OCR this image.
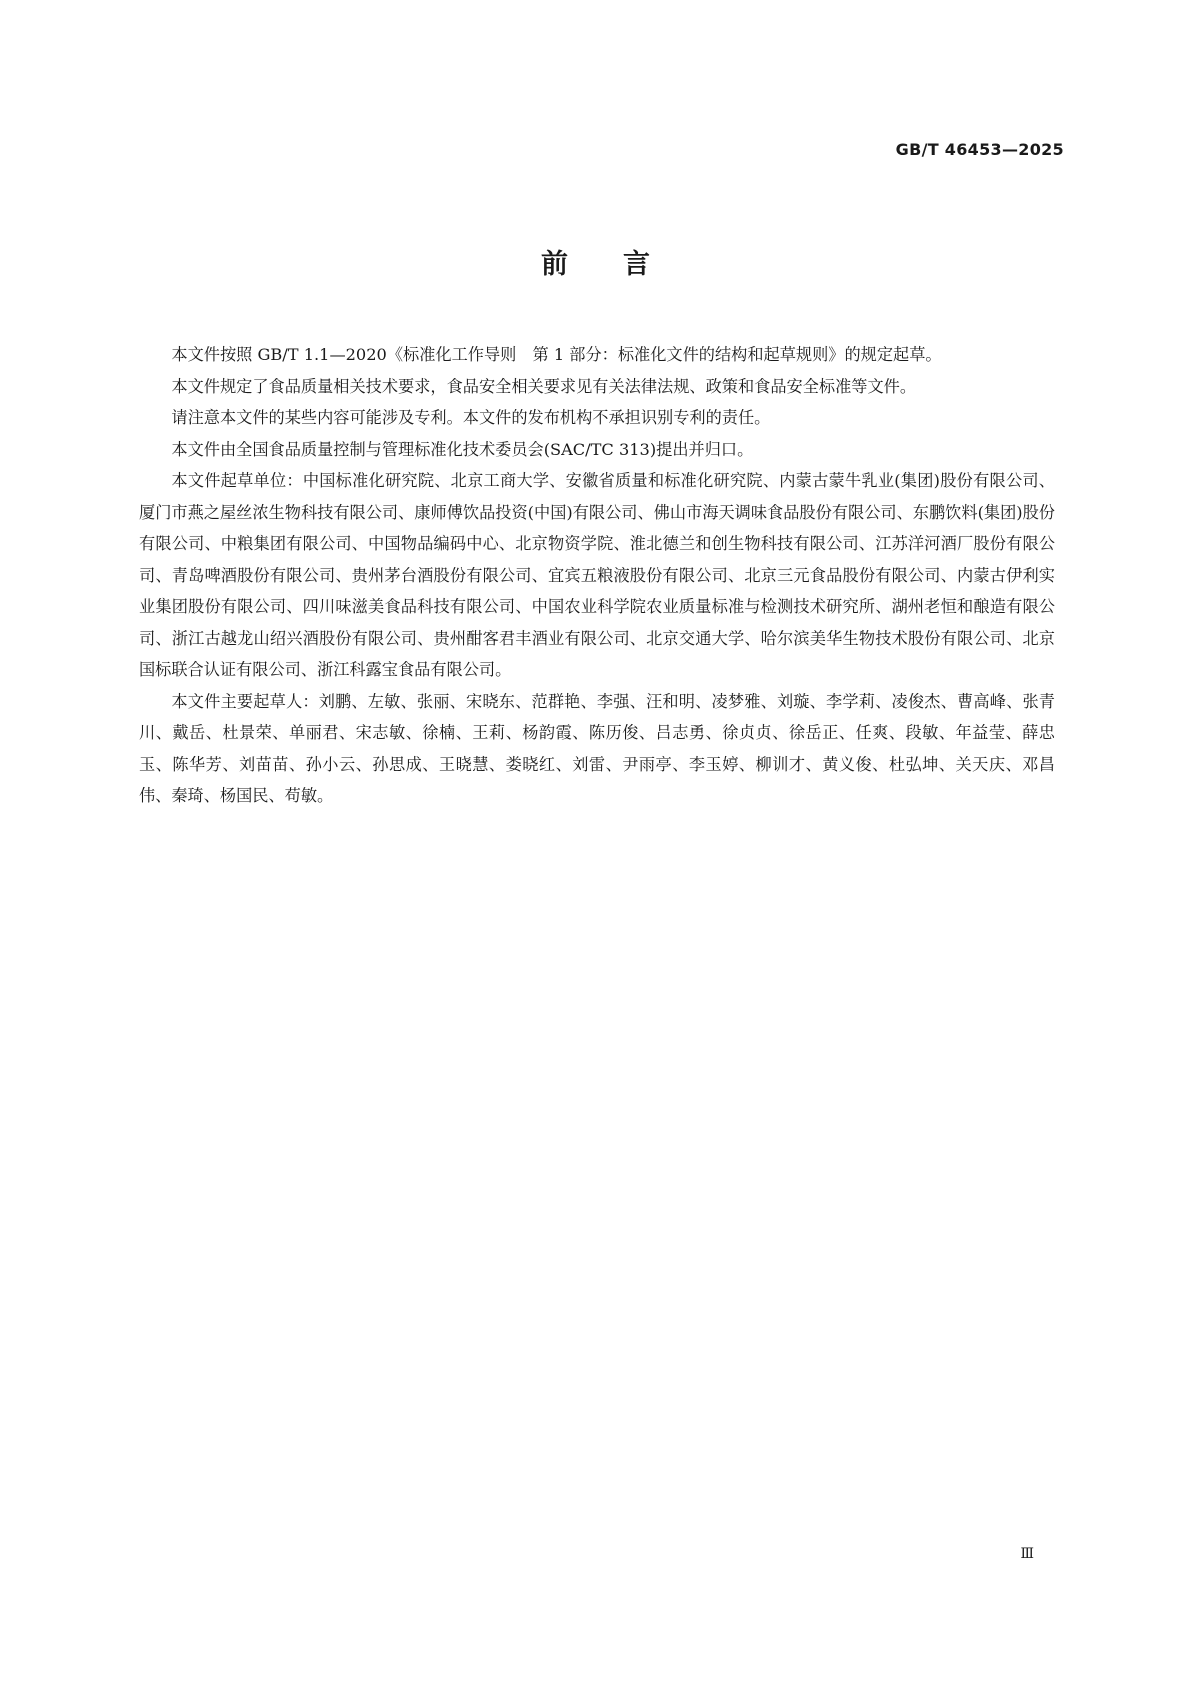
GB/T 46453—2025
前言

本文件按照 GB/T 1.1—2020《标准化工作导则　第 1 部分：标准化文件的结构和起草规则》的规定起草。

本文件规定了食品质量相关技术要求，食品安全相关要求见有关法律法规、政策和食品安全标准等文件。

请注意本文件的某些内容可能涉及专利。本文件的发布机构不承担识别专利的责任。

本文件由全国食品质量控制与管理标准化技术委员会(SAC/TC 313)提出并归口。

本文件起草单位：中国标准化研究院、北京工商大学、安徽省质量和标准化研究院、内蒙古蒙牛乳业(集团)股份有限公司、厦门市燕之屋丝浓生物科技有限公司、康师傅饮品投资(中国)有限公司、佛山市海天调味食品股份有限公司、东鹏饮料(集团)股份有限公司、中粮集团有限公司、中国物品编码中心、北京物资学院、淮北德兰和创生物科技有限公司、江苏洋河酒厂股份有限公司、青岛啤酒股份有限公司、贵州茅台酒股份有限公司、宜宾五粮液股份有限公司、北京三元食品股份有限公司、内蒙古伊利实业集团股份有限公司、四川味滋美食品科技有限公司、中国农业科学院农业质量标准与检测技术研究所、湖州老恒和酿造有限公司、浙江古越龙山绍兴酒股份有限公司、贵州酣客君丰酒业有限公司、北京交通大学、哈尔滨美华生物技术股份有限公司、北京国标联合认证有限公司、浙江科露宝食品有限公司。

本文件主要起草人：刘鹏、左敏、张丽、宋晓东、范群艳、李强、汪和明、凌梦雅、刘璇、李学莉、凌俊杰、曹高峰、张青川、戴岳、杜景荣、单丽君、宋志敏、徐楠、王莉、杨韵霞、陈历俊、吕志勇、徐贞贞、徐岳正、任爽、段敏、年益莹、薛忠玉、陈华芳、刘苗苗、孙小云、孙思成、王晓慧、娄晓红、刘雷、尹雨亭、李玉婷、柳训才、黄义俊、杜弘坤、关天庆、邓昌伟、秦琦、杨国民、苟敏。

Ⅲ
